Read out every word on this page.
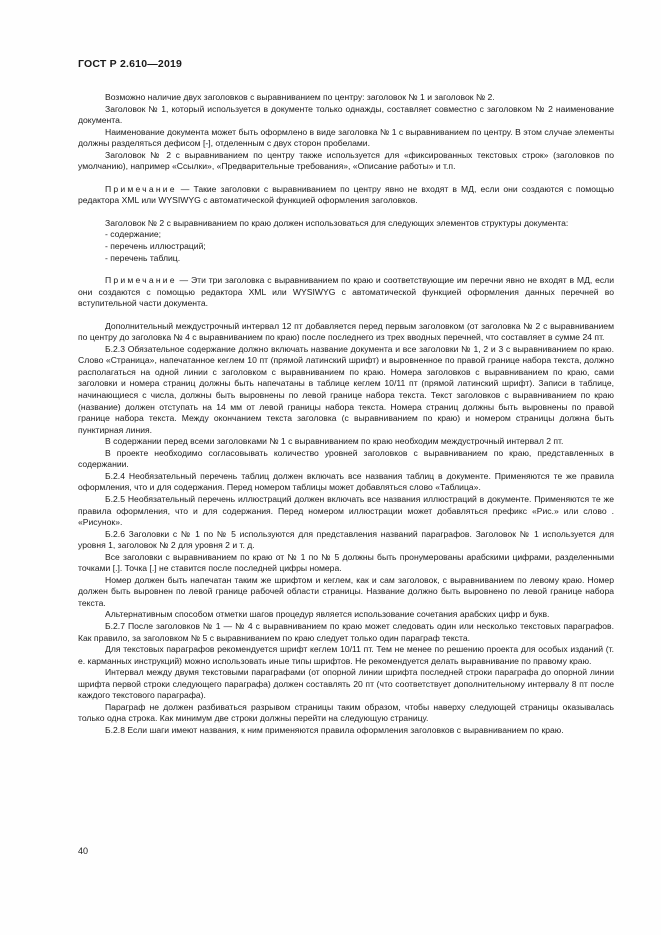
ГОСТ Р 2.610—2019

Возможно наличие двух заголовков с выравниванием по центру: заголовок № 1 и заголовок № 2.

Заголовок № 1, который используется в документе только однажды, составляет совместно с заголовком № 2 наименование документа.

Наименование документа может быть оформлено в виде заголовка № 1 с выравниванием по центру. В этом случае элементы должны разделяться дефисом [-], отделенным с двух сторон пробелами.

Заголовок № 2 с выравниванием по центру также используется для «фиксированных текстовых строк» (заголовков по умолчанию), например «Ссылки», «Предварительные требования», «Описание работы» и т.п.

Примечание — Такие заголовки с выравниванием по центру явно не входят в МД, если они создаются с помощью редактора XML или WYSIWYG с автоматической функцией оформления заголовков.

Заголовок № 2 с выравниванием по краю должен использоваться для следующих элементов структуры документа:

- содержание;

- перечень иллюстраций;

- перечень таблиц.

Примечание — Эти три заголовка с выравниванием по краю и соответствующие им перечни явно не входят в МД, если они создаются с помощью редактора XML или WYSIWYG с автоматической функцией оформления данных перечней во вступительной части документа.

Дополнительный междустрочный интервал 12 пт добавляется перед первым заголовком (от заголовка № 2 с выравниванием по центру до заголовка № 4 с выравниванием по краю) после последнего из трех вводных перечней, что составляет в сумме 24 пт.

Б.2.3 Обязательное содержание должно включать название документа и все заголовки № 1, 2 и 3 с выравниванием по краю. Слово «Страница», напечатанное кеглем 10 пт (прямой латинский шрифт) и выровненное по правой границе набора текста, должно располагаться на одной линии с заголовком с выравниванием по краю. Номера заголовков с выравниванием по краю, сами заголовки и номера страниц должны быть напечатаны в таблице кеглем 10/11 пт (прямой латинский шрифт). Записи в таблице, начинающиеся с числа, должны быть выровнены по левой границе набора текста. Текст заголовков с выравниванием по краю (название) должен отступать на 14 мм от левой границы набора текста. Номера страниц должны быть выровнены по правой границе набора текста. Между окончанием текста заголовка (с выравниванием по краю) и номером страницы должна быть пунктирная линия.

В содержании перед всеми заголовками № 1 с выравниванием по краю необходим междустрочный интервал 2 пт.

В проекте необходимо согласовывать количество уровней заголовков с выравниванием по краю, представленных в содержании.

Б.2.4 Необязательный перечень таблиц должен включать все названия таблиц в документе. Применяются те же правила оформления, что и для содержания. Перед номером таблицы может добавляться слово «Таблица».

Б.2.5 Необязательный перечень иллюстраций должен включать все названия иллюстраций в документе. Применяются те же правила оформления, что и для содержания. Перед номером иллюстрации может добавляться префикс «Рис.» или слово . «Рисунок».

Б.2.6 Заголовки с № 1 по № 5 используются для представления названий параграфов. Заголовок № 1 используется для уровня 1, заголовок № 2 для уровня 2 и т. д.

Все заголовки с выравниванием по краю от № 1 по № 5 должны быть пронумерованы арабскими цифрами, разделенными точками [.]. Точка [.] не ставится после последней цифры номера.

Номер должен быть напечатан таким же шрифтом и кеглем, как и сам заголовок, с выравниванием по левому краю. Номер должен быть выровнен по левой границе рабочей области страницы. Название должно быть выровнено по левой границе набора текста.

Альтернативным способом отметки шагов процедур является использование сочетания арабских цифр и букв.

Б.2.7 После заголовков № 1 — № 4 с выравниванием по краю может следовать один или несколько текстовых параграфов. Как правило, за заголовком № 5 с выравниванием по краю следует только один параграф текста.

Для текстовых параграфов рекомендуется шрифт кеглем 10/11 пт. Тем не менее по решению проекта для особых изданий (т. е. карманных инструкций) можно использовать иные типы шрифтов. Не рекомендуется делать выравнивание по правому краю.

Интервал между двумя текстовыми параграфами (от опорной линии шрифта последней строки параграфа до опорной линии шрифта первой строки следующего параграфа) должен составлять 20 пт (что соответствует дополнительному интервалу 8 пт после каждого текстового параграфа).

Параграф не должен разбиваться разрывом страницы таким образом, чтобы наверху следующей страницы оказывалась только одна строка. Как минимум две строки должны перейти на следующую страницу.

Б.2.8 Если шаги имеют названия, к ним применяются правила оформления заголовков с выравниванием по краю.

40
